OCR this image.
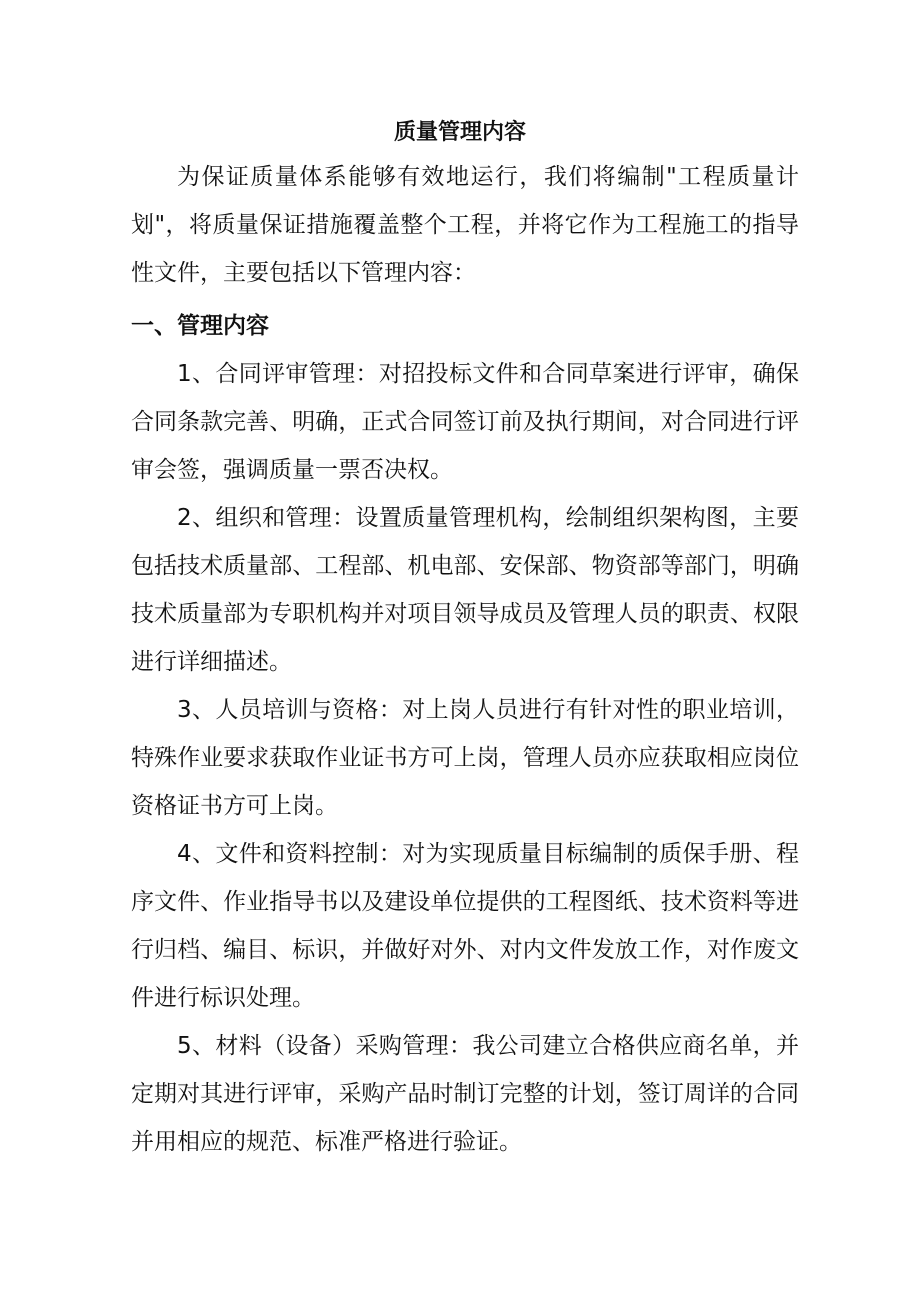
质量管理内容
为保证质量体系能够有效地运行，我们将编制"工程质量计划"，将质量保证措施覆盖整个工程，并将它作为工程施工的指导性文件，主要包括以下管理内容：
一、管理内容
1、合同评审管理：对招投标文件和合同草案进行评审，确保合同条款完善、明确，正式合同签订前及执行期间，对合同进行评审会签，强调质量一票否决权。
2、组织和管理：设置质量管理机构，绘制组织架构图，主要包括技术质量部、工程部、机电部、安保部、物资部等部门，明确技术质量部为专职机构并对项目领导成员及管理人员的职责、权限进行详细描述。
3、人员培训与资格：对上岗人员进行有针对性的职业培训，特殊作业要求获取作业证书方可上岗，管理人员亦应获取相应岗位资格证书方可上岗。
4、文件和资料控制：对为实现质量目标编制的质保手册、程序文件、作业指导书以及建设单位提供的工程图纸、技术资料等进行归档、编目、标识，并做好对外、对内文件发放工作，对作废文件进行标识处理。
5、材料（设备）采购管理：我公司建立合格供应商名单，并定期对其进行评审，采购产品时制订完整的计划，签订周详的合同并用相应的规范、标准严格进行验证。
